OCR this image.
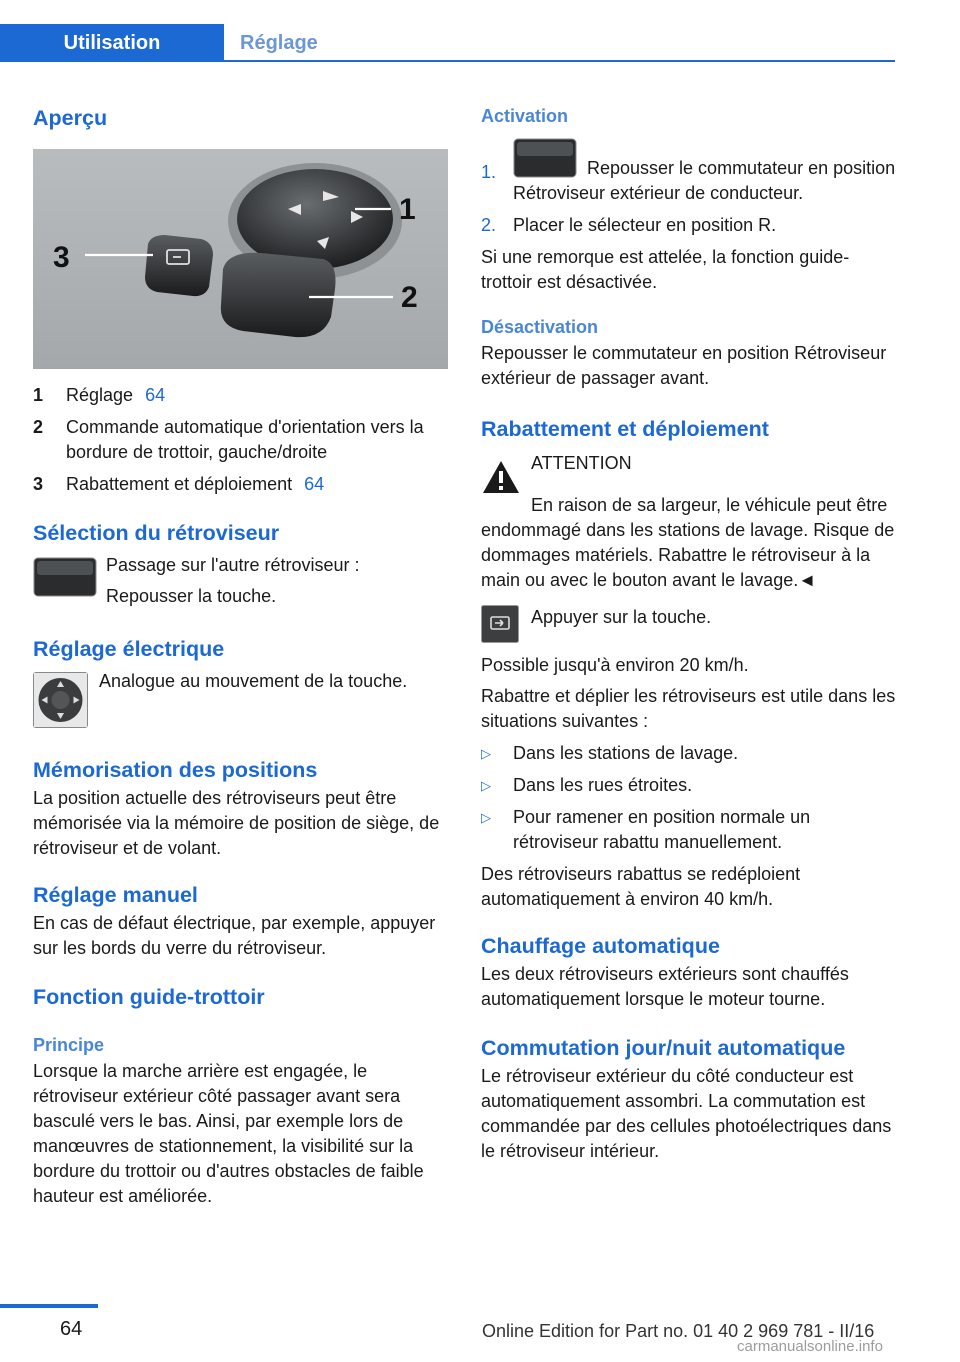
Utilisation	Réglage
Aperçu
1
2
3
1	Réglage 64
2	Commande automatique d'orientation vers la bordure de trottoir, gauche/droite
3	Rabattement et déploiement 64
Sélection du rétroviseur

Passage sur l'autre rétroviseur :

Repousser la touche.

Réglage électrique

Analogue au mouvement de la touche.

Mémorisation des positions

La position actuelle des rétroviseurs peut être mémorisée via la mémoire de position de siège, de rétroviseur et de volant.

Réglage manuel

En cas de défaut électrique, par exemple, appuyer sur les bords du verre du rétroviseur.

Fonction guide-trottoir
Principe

Lorsque la marche arrière est engagée, le rétroviseur extérieur côté passager avant sera basculé vers le bas. Ainsi, par exemple lors de manœuvres de stationnement, la visibilité sur la bordure du trottoir ou d'autres obstacles de faible hauteur est améliorée.

Activation
1.	Repousser le commutateur en position Rétroviseur extérieur de conducteur.
2. Placer le sélecteur en position R.

Si une remorque est attelée, la fonction guide-trottoir est désactivée.

Désactivation

Repousser le commutateur en position Rétroviseur extérieur de passager avant.

Rabattement et déploiement

ATTENTION

En raison de sa largeur, le véhicule peut être endommagé dans les stations de lavage. Risque de dommages matériels. Rabattre le rétroviseur à la main ou avec le bouton avant le lavage.◄

Appuyer sur la touche.

Possible jusqu'à environ 20 km/h.

Rabattre et déplier les rétroviseurs est utile dans les situations suivantes :

▷	Dans les stations de lavage.
▷	Dans les rues étroites.
▷	Pour ramener en position normale un rétroviseur rabattu manuellement.

Des rétroviseurs rabattus se redéploient automatiquement à environ 40 km/h.

Chauffage automatique

Les deux rétroviseurs extérieurs sont chauffés automatiquement lorsque le moteur tourne.

Commutation jour/nuit automatique

Le rétroviseur extérieur du côté conducteur est automatiquement assombri. La commutation est commandée par des cellules photoélectriques dans le rétroviseur intérieur.

64	Online Edition for Part no. 01 40 2 969 781 - II/16
carmanualsonline.info
